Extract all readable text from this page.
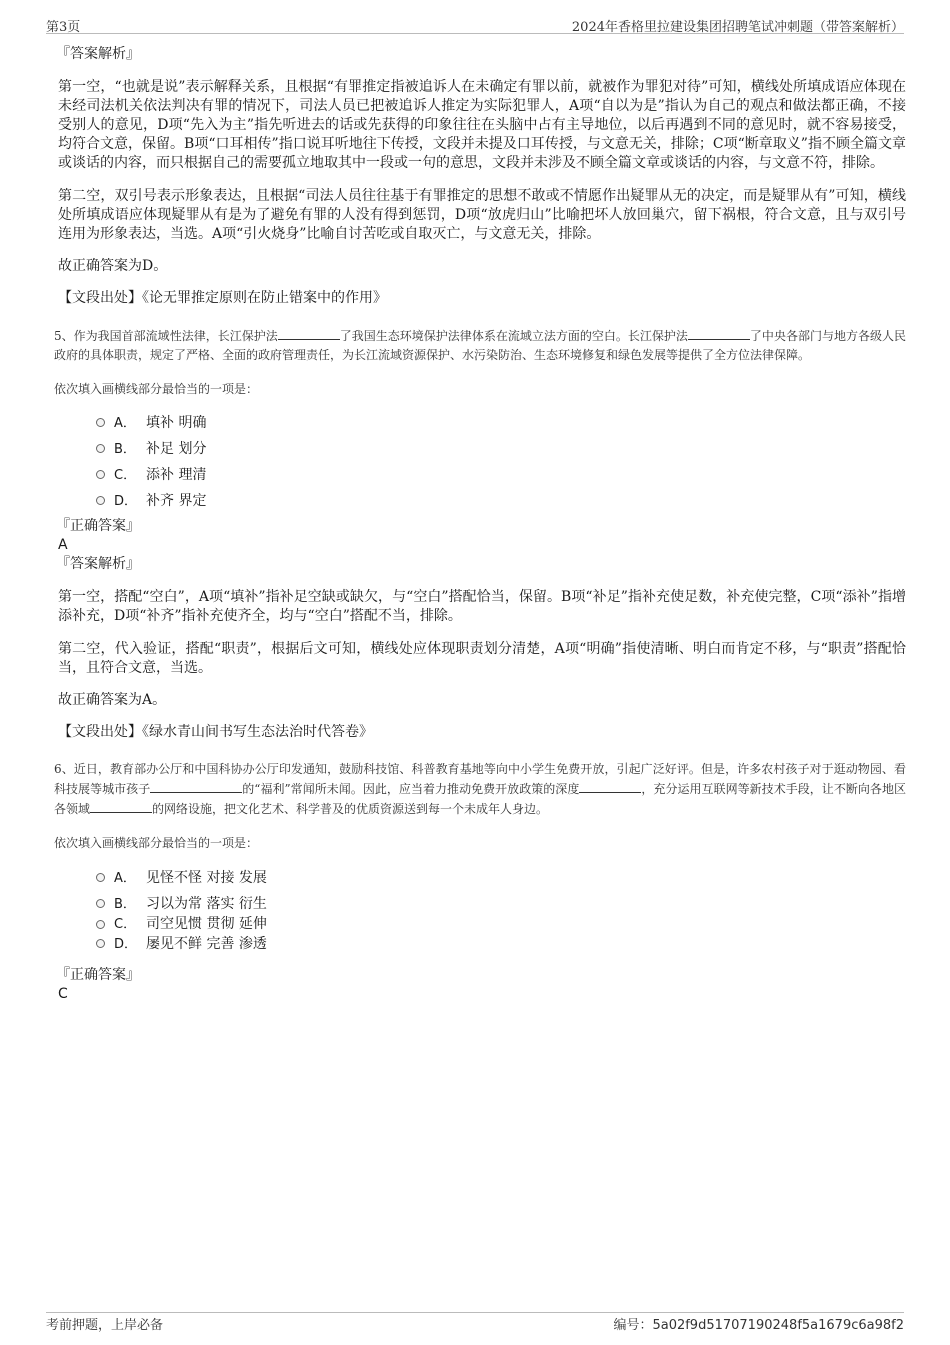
第3页	2024年香格里拉建设集团招聘笔试冲刺题（带答案解析）
『答案解析』

第一空，“也就是说”表示解释关系，且根据“有罪推定指被追诉人在未确定有罪以前，就被作为罪犯对待”可知，横线处所填成语应体现在未经司法机关依法判决有罪的情况下，司法人员已把被追诉人推定为实际犯罪人，A项“自以为是”指认为自己的观点和做法都正确，不接受别人的意见，D项“先入为主”指先听进去的话或先获得的印象往往在头脑中占有主导地位，以后再遇到不同的意见时，就不容易接受，均符合文意，保留。B项“口耳相传”指口说耳听地往下传授，文段并未提及口耳传授，与文意无关，排除；C项“断章取义”指不顾全篇文章或谈话的内容，而只根据自己的需要孤立地取其中一段或一句的意思，文段并未涉及不顾全篇文章或谈话的内容，与文意不符，排除。

第二空，双引号表示形象表达，且根据“司法人员往往基于有罪推定的思想不敢或不情愿作出疑罪从无的决定，而是疑罪从有”可知，横线处所填成语应体现疑罪从有是为了避免有罪的人没有得到惩罚，D项“放虎归山”比喻把坏人放回巢穴，留下祸根，符合文意，且与双引号连用为形象表达，当选。A项“引火烧身”比喻自讨苦吃或自取灭亡，与文意无关，排除。

故正确答案为D。

【文段出处】《论无罪推定原则在防止错案中的作用》
5、作为我国首部流域性法律，长江保护法	了我国生态环境保护法律体系在流域立法方面的空白。长江保护法	了中央各部门与地方各级人民政府的具体职责，规定了严格、全面的政府管理责任，为长江流域资源保护、水污染防治、生态环境修复和绿色发展等提供了全方位法律保障。
依次填入画横线部分最恰当的一项是：
A． 填补 明确
B． 补足 划分
C． 添补 理清
D． 补齐 界定
『正确答案』
A
『答案解析』

第一空，搭配“空白”，A项“填补”指补足空缺或缺欠，与“空白”搭配恰当，保留。B项“补足”指补充使足数，补充使完整，C项“添补”指增添补充，D项“补齐”指补充使齐全，均与“空白”搭配不当，排除。

第二空，代入验证，搭配“职责”，根据后文可知，横线处应体现职责划分清楚，A项“明确”指使清晰、明白而肯定不移，与“职责”搭配恰当，且符合文意，当选。

故正确答案为A。

【文段出处】《绿水青山间书写生态法治时代答卷》
6、近日，教育部办公厅和中国科协办公厅印发通知，鼓励科技馆、科普教育基地等向中小学生免费开放，引起广泛好评。但是，许多农村孩子对于逛动物园、看科技展等城市孩子	的“福利”常闻所未闻。因此，应当着力推动免费开放政策的深度	，充分运用互联网等新技术手段，让不断向各地区各领域	的网络设施，把文化艺术、科学普及的优质资源送到每一个未成年人身边。
依次填入画横线部分最恰当的一项是：
A． 见怪不怪 对接 发展
B． 习以为常 落实 衍生
C． 司空见惯 贯彻 延伸
D． 屡见不鲜 完善 渗透
『正确答案』
C
考前押题，上岸必备	编号：5a02f9d51707190248f5a1679c6a98f2
